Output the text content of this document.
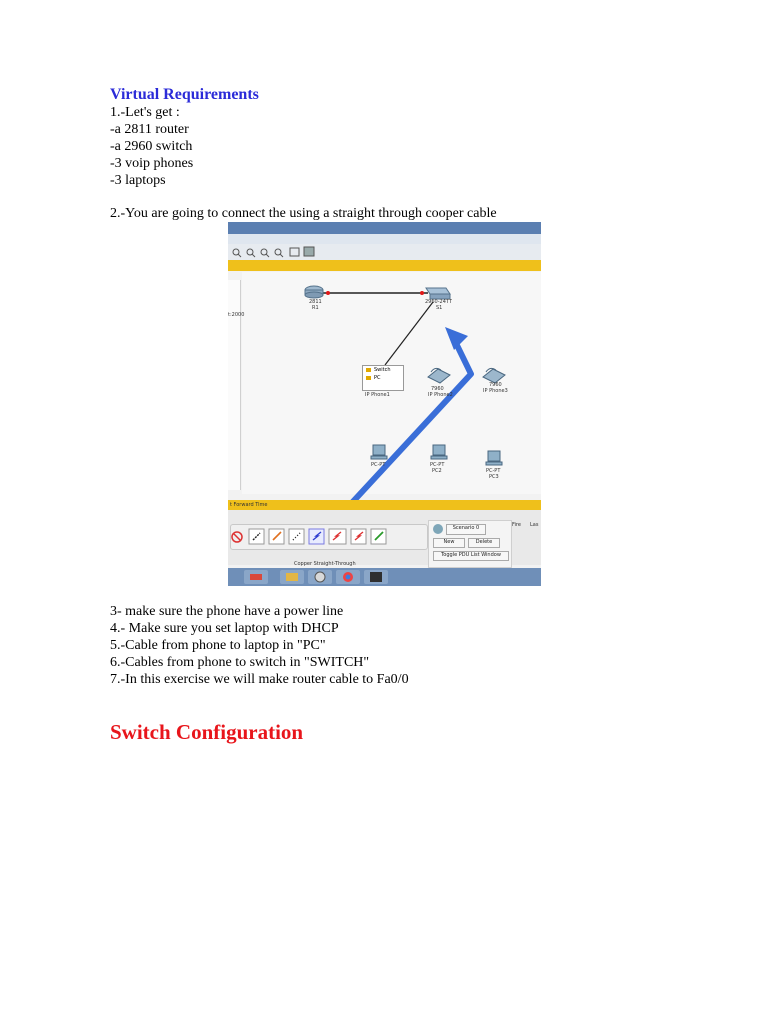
Virtual Requirements
1.-Let's get :
-a 2811 router
-a 2960 switch
-3 voip phones
-3 laptops
2.-You are going to connect the using a straight through cooper cable
t:2000
2811
R1
2960-24TT
S1
Switch
PC
IP Phone1
7960
IP Phone2
7960
IP Phone3
PC-PT	PC-PT
PC2	PC-PT
PC3
t Forward Time
Copper Straight-Through
Scenario 0
New	Delete
Toggle PDU List Window
Fire Las
3- make sure the phone have a power line
4.- Make sure you set laptop with DHCP
5.-Cable from phone to laptop in "PC"
6.-Cables from phone to switch in "SWITCH"
7.-In this exercise we will make router cable to Fa0/0
Switch Configuration
